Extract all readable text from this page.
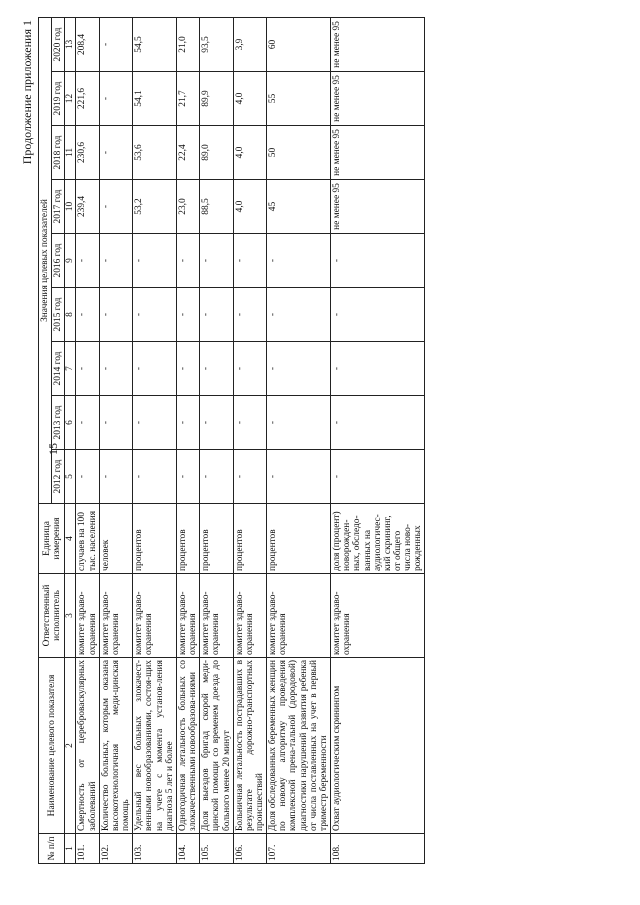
15
Продолжение приложения 1
№ п/п	Наименование целевого показателя	Ответственный исполнитель	Единица измерения	Значения целевых показателей								
				2012 год	2013 год	2014 год	2015 год	2016 год	2017 год	2018 год	2019 год	2020 год
1	2	3	4	5	6	7	8	9	10	11	12	13
101.	Смертность от цереброваскулярных заболеваний	комитет здраво-охранения	случаев на 100 тыс. населения	-	-	-	-	-	239,4	230,6	221,6	208,4
102.	Количество больных, которым оказана высокотехнологичная меди-цинская помощь	комитет здраво-охранения	человек	-	-	-	-	-	-	-	-	-
103.	Удельный вес больных злокачест-венными новообразованиями, состоя-щих на учете с момента установ-ления диагноза 5 лет и более	комитет здраво-охранения	процентов	-	-	-	-	-	53,2	53,6	54,1	54,5
104.	Одногодичная летальность больных со злокачественными новообразова-ниями	комитет здраво-охранения	процентов	-	-	-	-	-	23,0	22,4	21,7	21,0
105.	Доля выездов бригад скорой меди-цинской помощи со временем доезда до больного менее 20 минут	комитет здраво-охранения	процентов	-	-	-	-	-	88,5	89,0	89,9	93,5
106.	Больничная летальность пострадавших в результате дорожно-транспортных происшествий	комитет здраво-охранения	процентов	-	-	-	-	-	4,0	4,0	4,0	3,9
107.	Доля обследованных беременных женщин по новому алгоритму проведения комплексной прена-тальной (дородовой) диагностики нарушений развития ребенка от числа поставленных на учет в первый триместр беременности	комитет здраво-охранения	процентов	-	-	-	-	-	45	50	55	60
108.	Охват аудиологическим скринингом	комитет здраво-охранения	доля (процент) новорожден-ных, обследо-ванных на аудиологичес-кий скрининг, от общего числа ново-рожденных	-	-	-	-	-	не менее 95	не менее 95	не менее 95	не менее 95
